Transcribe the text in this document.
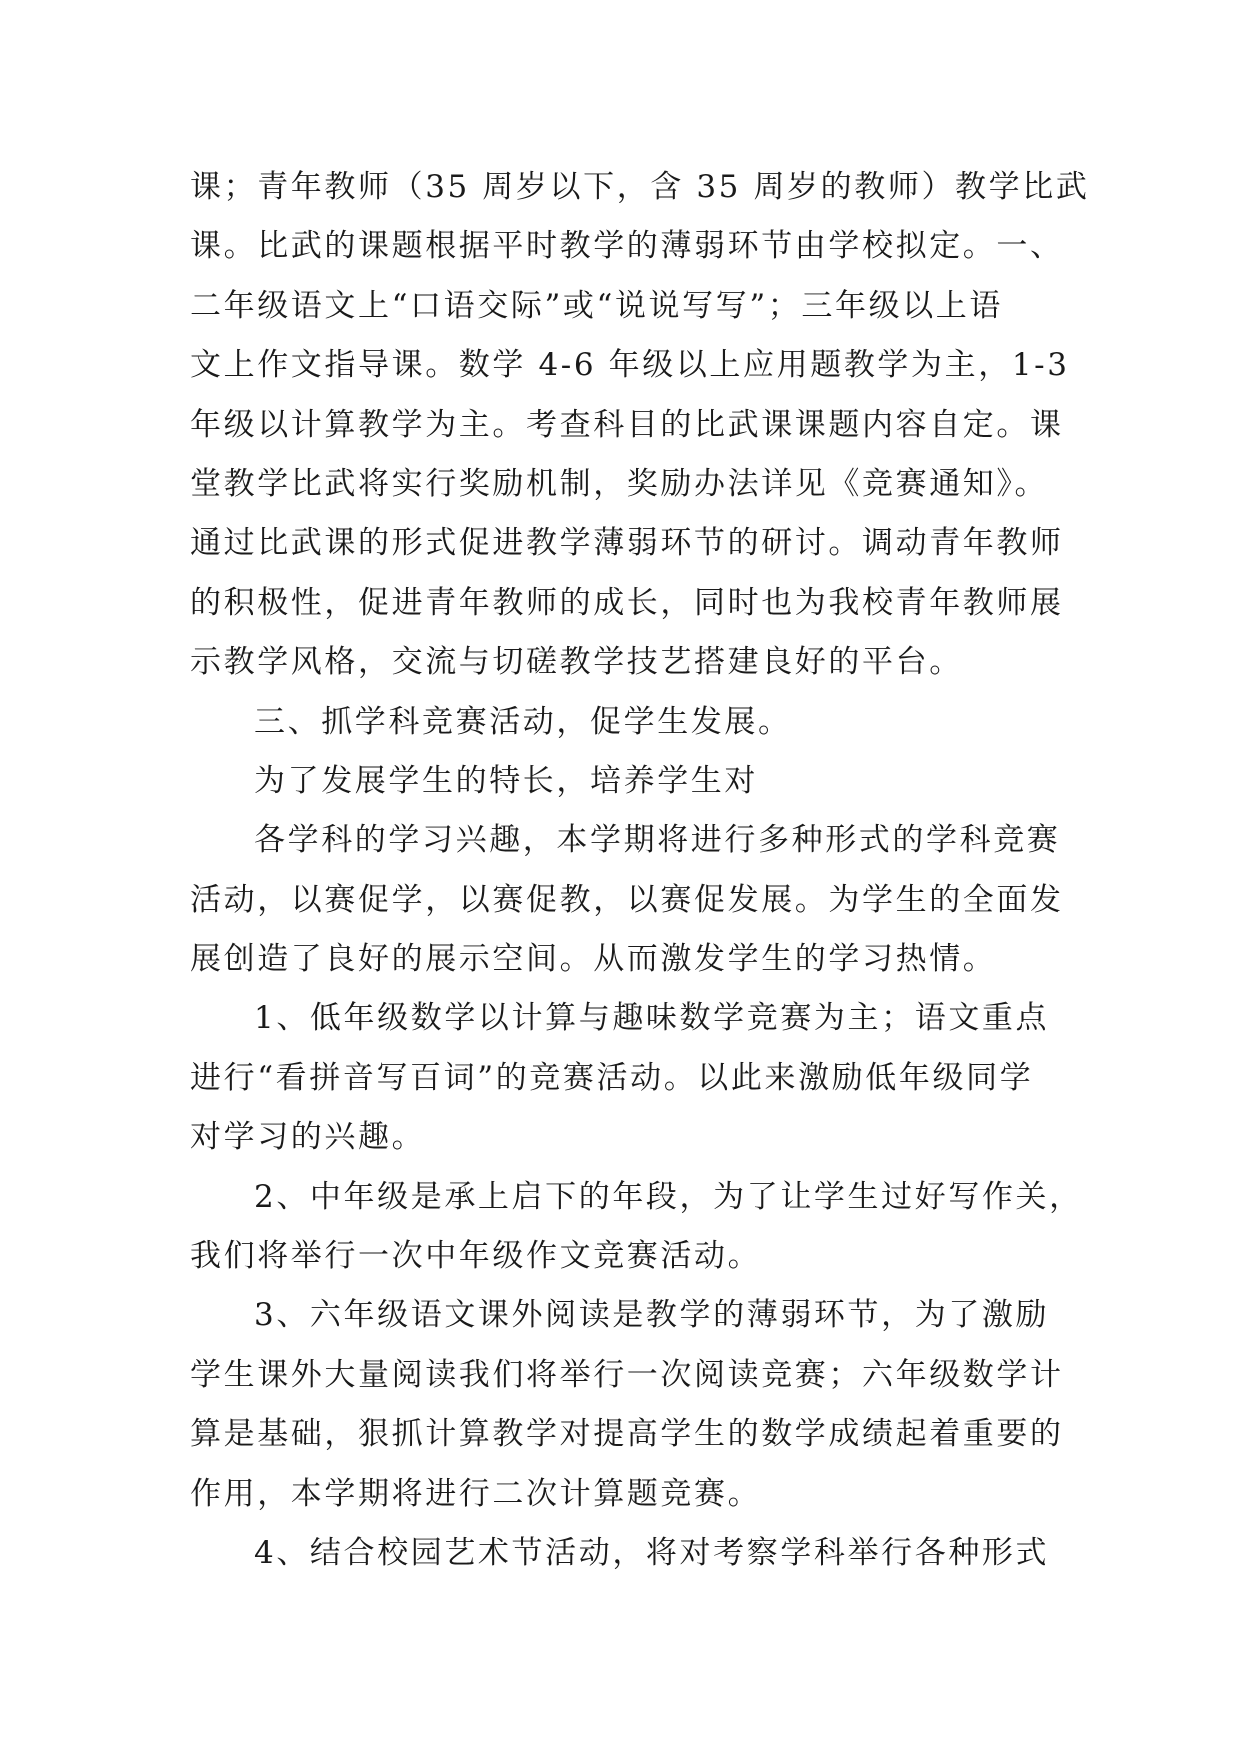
课；青年教师（35 周岁以下，含 35 周岁的教师）教学比武
课。比武的课题根据平时教学的薄弱环节由学校拟定。一、
二年级语文上“口语交际”或“说说写写”；三年级以上语
文上作文指导课。数学 4-6 年级以上应用题教学为主，1-3
年级以计算教学为主。考查科目的比武课课题内容自定。课
堂教学比武将实行奖励机制，奖励办法详见《竞赛通知》。
通过比武课的形式促进教学薄弱环节的研讨。调动青年教师
的积极性，促进青年教师的成长，同时也为我校青年教师展
示教学风格，交流与切磋教学技艺搭建良好的平台。
三、抓学科竞赛活动，促学生发展。
为了发展学生的特长，培养学生对
各学科的学习兴趣，本学期将进行多种形式的学科竞赛
活动，以赛促学，以赛促教，以赛促发展。为学生的全面发
展创造了良好的展示空间。从而激发学生的学习热情。
1、低年级数学以计算与趣味数学竞赛为主；语文重点
进行“看拼音写百词”的竞赛活动。以此来激励低年级同学
对学习的兴趣。
2、中年级是承上启下的年段，为了让学生过好写作关，
我们将举行一次中年级作文竞赛活动。
3、六年级语文课外阅读是教学的薄弱环节，为了激励
学生课外大量阅读我们将举行一次阅读竞赛；六年级数学计
算是基础，狠抓计算教学对提高学生的数学成绩起着重要的
作用，本学期将进行二次计算题竞赛。
4、结合校园艺术节活动，将对考察学科举行各种形式
